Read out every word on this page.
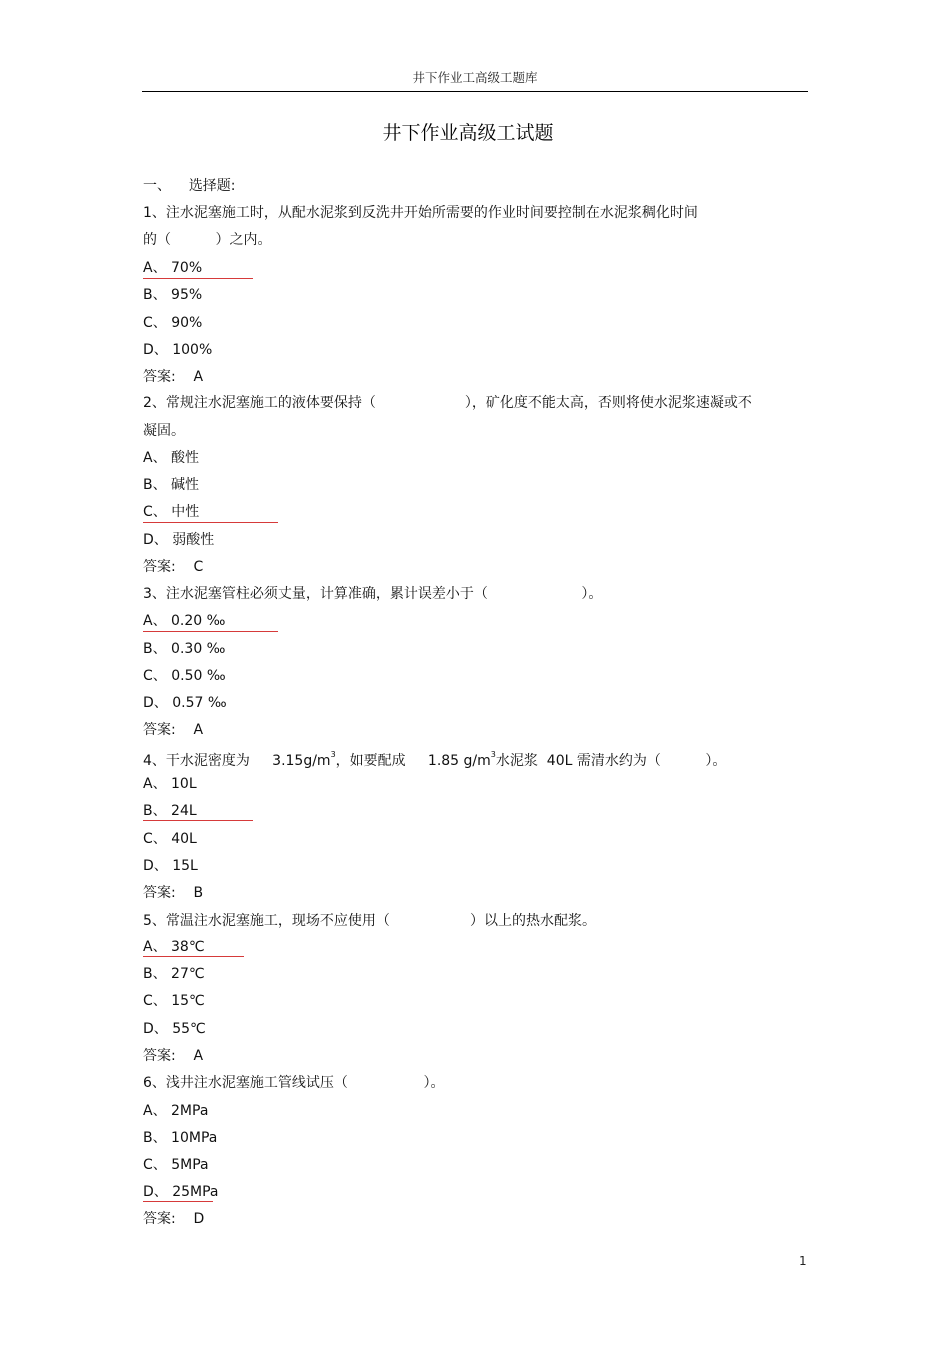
井下作业工高级工题库
井下作业高级工试题
一、 选择题:
1、注水泥塞施工时，从配水泥浆到反洗井开始所需要的作业时间要控制在水泥浆稠化时间
的（          ）之内。
A、 70%
B、 95%
C、 90%
D、 100%
答案:    A
2、常规注水泥塞施工的液体要保持（                    ），矿化度不能太高，否则将使水泥浆速凝或不
凝固。
A、 酸性
B、 碱性
C、 中性
D、 弱酸性
答案:    C
3、注水泥塞管柱必须丈量，计算准确，累计误差小于（                     ）。
A、 0.20 ‰
B、 0.30 ‰
C、 0.50 ‰
D、 0.57 ‰
答案:    A
4、干水泥密度为     $3.15g/m^3$，如要配成     1.85 $g/m^3$水泥浆  40L 需清水约为（          ）。
A、 10L
B、 24L
C、 40L
D、 15L
答案:    B
5、常温注水泥塞施工，现场不应使用（                  ）以上的热水配浆。
A、 38℃
B、 27℃
C、 15℃
D、 55℃
答案:    A
6、浅井注水泥塞施工管线试压（                 ）。
A、 2MPa
B、 10MPa
C、 5MPa
D、 25MPa
答案:    D
1
